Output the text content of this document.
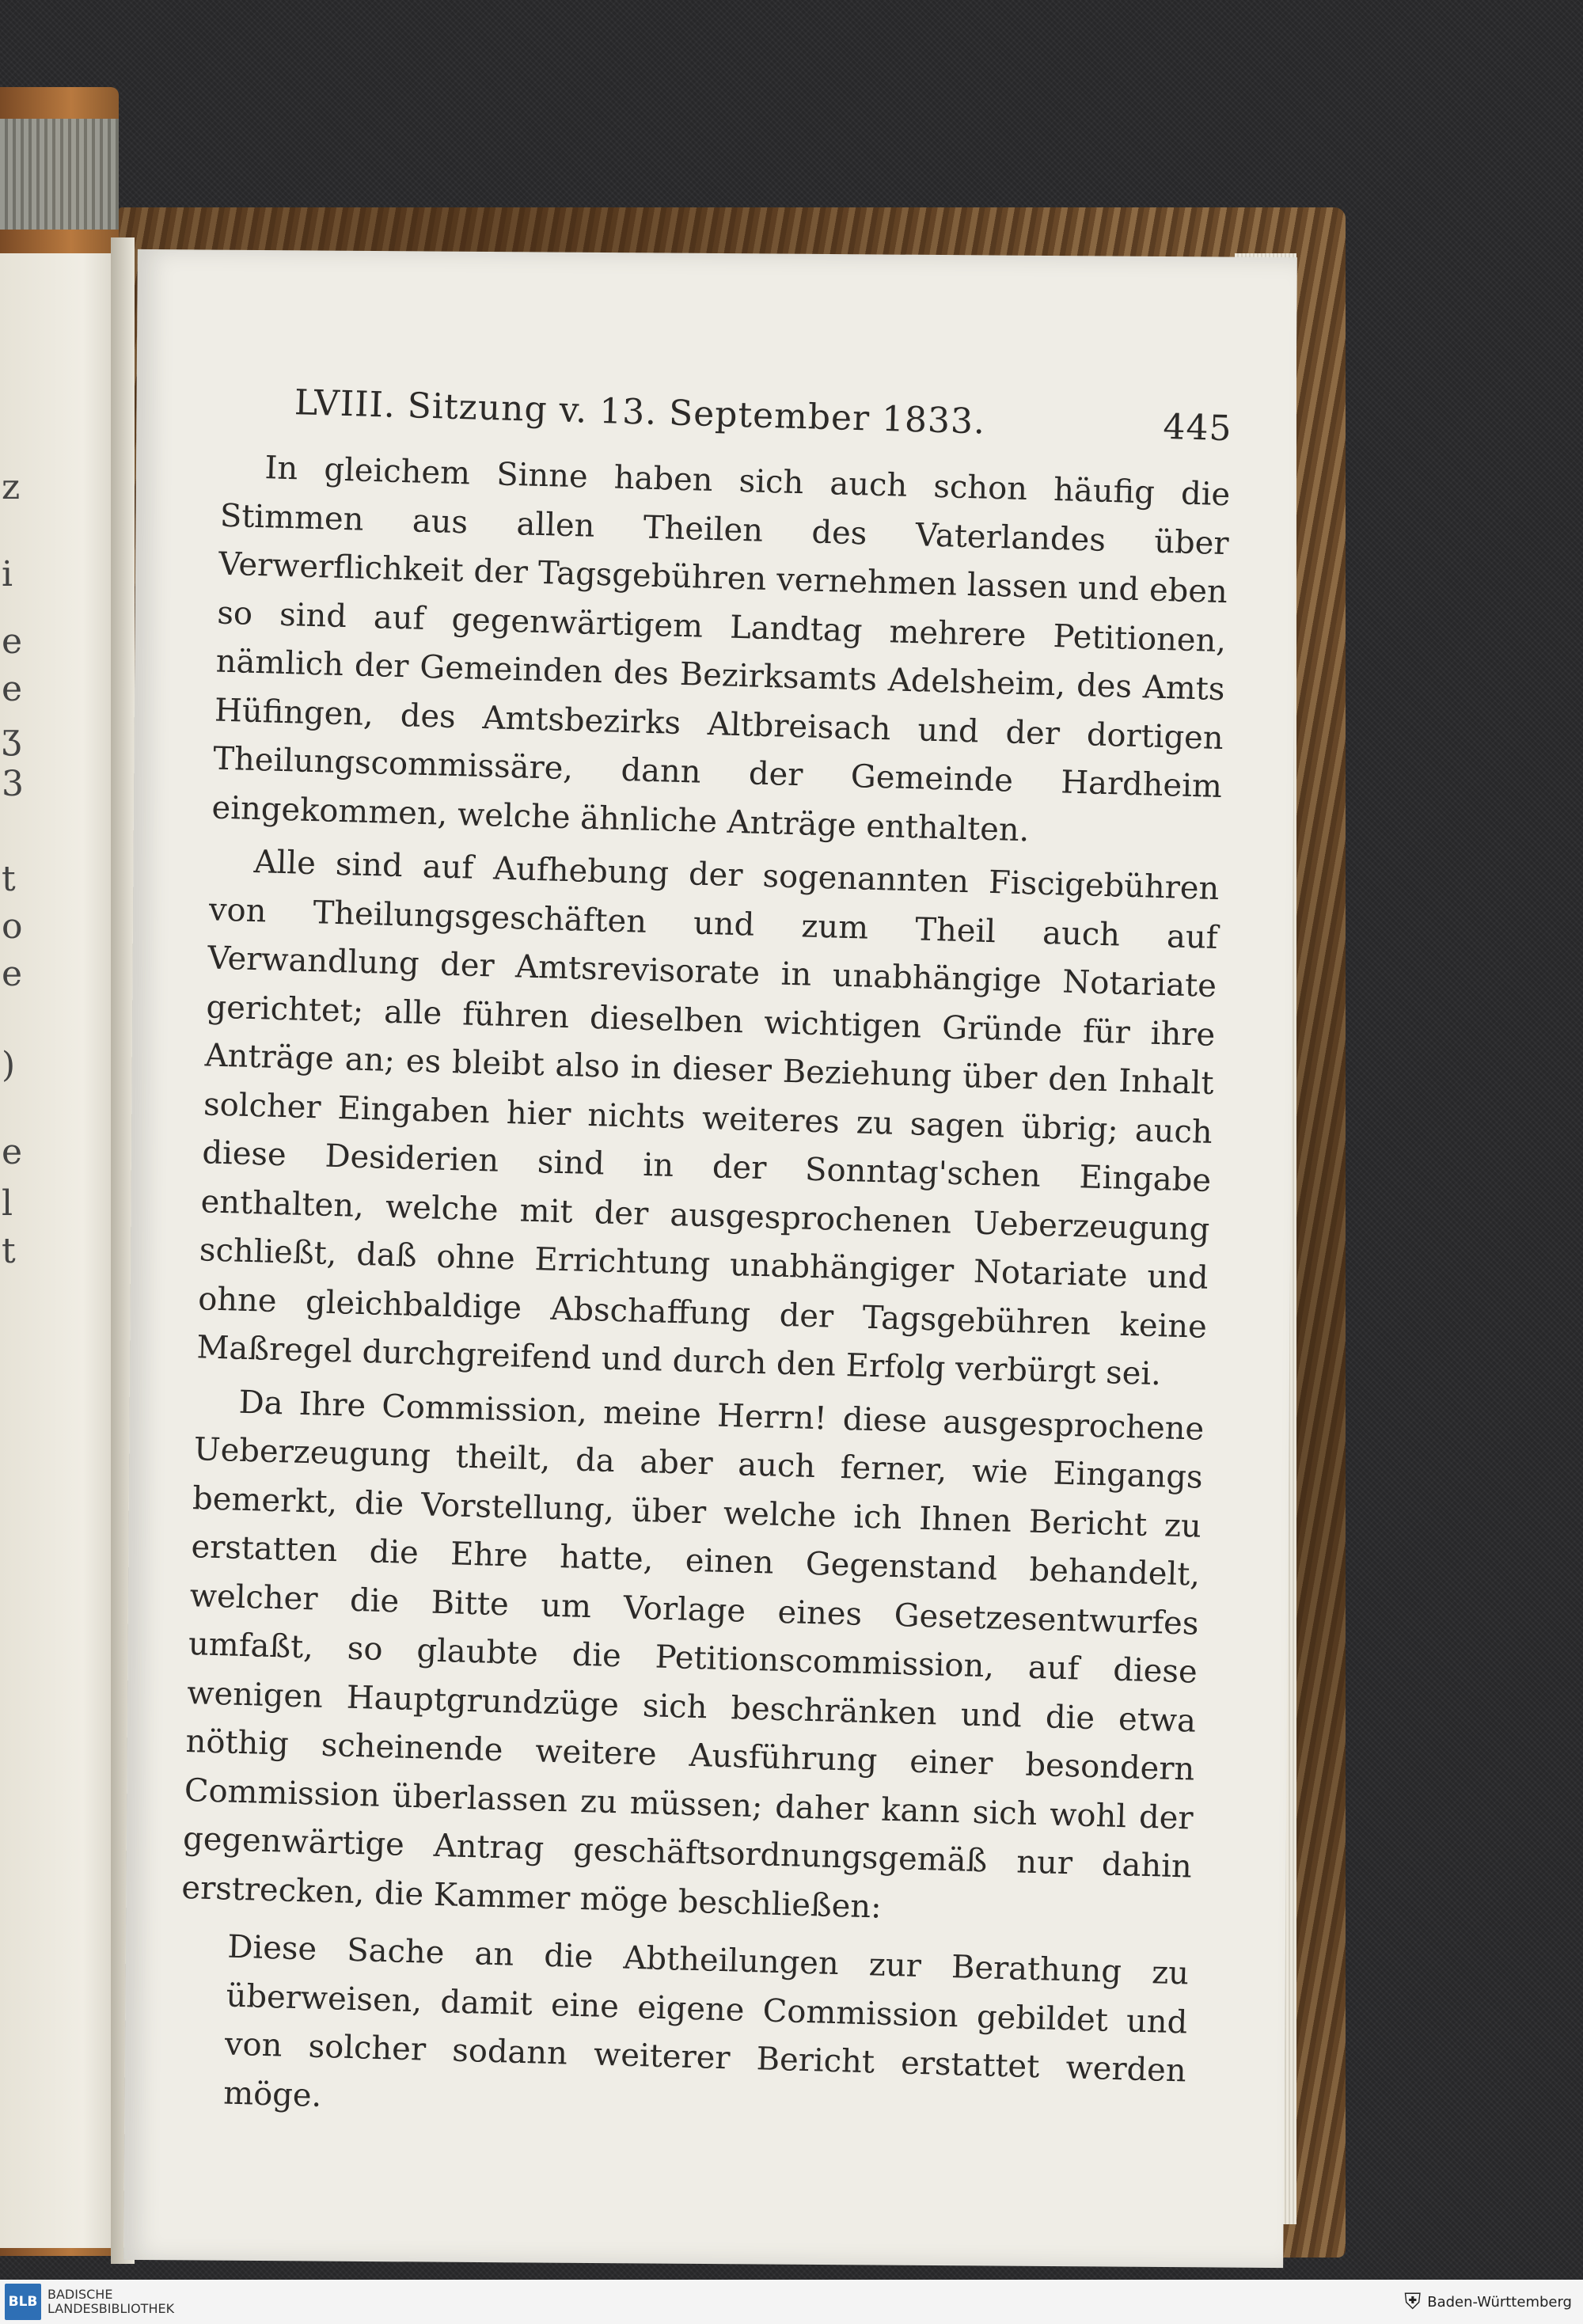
z
i
e
e
ʒ
3
t
o
e
)
e
l
t
LVIII. Sitzung v. 13. September 1833.	445

In gleichem Sinne haben sich auch schon häufig die Stimmen aus allen Theilen des Vaterlandes über Verwerflichkeit der Tagsgebühren vernehmen lassen und eben so sind auf gegenwärtigem Landtag mehrere Petitionen, nämlich der Gemeinden des Bezirksamts Adelsheim, des Amts Hüfingen, des Amtsbezirks Altbreisach und der dortigen Theilungscommissäre, dann der Gemeinde Hardheim eingekommen, welche ähnliche Anträge enthalten.

Alle sind auf Aufhebung der sogenannten Fiscigebühren von Theilungsgeschäften und zum Theil auch auf Verwandlung der Amtsrevisorate in unabhängige Notariate gerichtet; alle führen dieselben wichtigen Gründe für ihre Anträge an; es bleibt also in dieser Beziehung über den Inhalt solcher Eingaben hier nichts weiteres zu sagen übrig; auch diese Desiderien sind in der Sonntag'schen Eingabe enthalten, welche mit der ausgesprochenen Ueberzeugung schließt, daß ohne Errichtung unabhängiger Notariate und ohne gleichbaldige Abschaffung der Tagsgebühren keine Maßregel durchgreifend und durch den Erfolg verbürgt sei.

Da Ihre Commission, meine Herrn! diese ausgesprochene Ueberzeugung theilt, da aber auch ferner, wie Eingangs bemerkt, die Vorstellung, über welche ich Ihnen Bericht zu erstatten die Ehre hatte, einen Gegenstand behandelt, welcher die Bitte um Vorlage eines Gesetzesentwurfes umfaßt, so glaubte die Petitionscommission, auf diese wenigen Hauptgrundzüge sich beschränken und die etwa nöthig scheinende weitere Ausführung einer besondern Commission überlassen zu müssen; daher kann sich wohl der gegenwärtige Antrag geschäftsordnungsgemäß nur dahin erstrecken, die Kammer möge beschließen:

Diese Sache an die Abtheilungen zur Berathung zu überweisen, damit eine eigene Commission gebildet und von solcher sodann weiterer Bericht erstattet werden möge.

BLB BADISCHE
LANDESBIBLIOTHEK	⛨ Baden-Württemberg
